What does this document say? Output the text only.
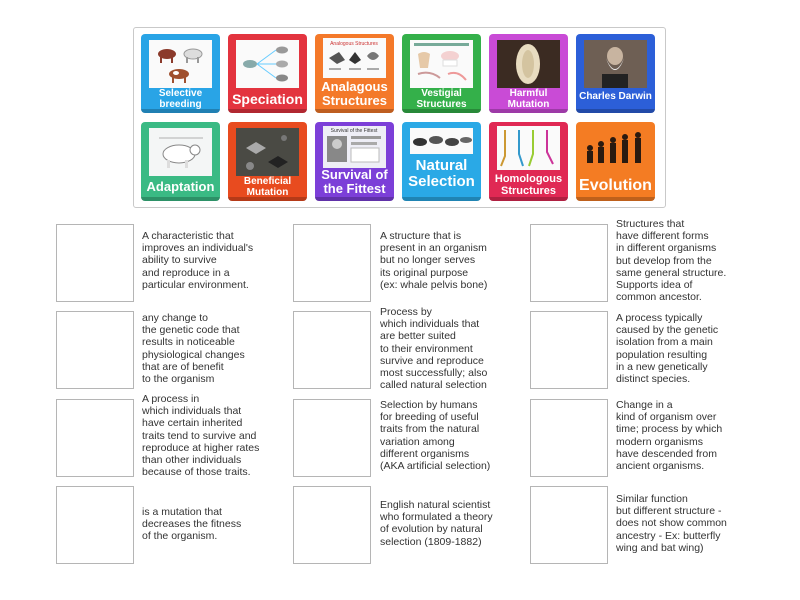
Selective
breeding	Speciation
Analogous Structures
Analagous
Structures	Vestigial
Structures
Harmful
Mutation
Charles Darwin
Adaptation	Beneficial
Mutation
Survival of the Fittest
Survival of
the Fittest
Natural
Selection	Homologous
Structures	Evolution
A characteristic that
improves an individual's
ability to survive
and reproduce in a
particular environment.
A structure that is
present in an organism
but no longer serves
its original purpose
(ex: whale pelvis bone)
Structures that
have different forms
in different organisms
but develop from the
same general structure.
Supports idea of
common ancestor.
any change to
the genetic code that
results in noticeable
physiological changes
that are of benefit
to the organism
Process by
which individuals that
are better suited
to their environment
survive and reproduce
most successfully; also
called natural selection
A process typically
caused by the genetic
isolation from a main
population resulting
in a new genetically
distinct species.
A process in
which individuals that
have certain inherited
traits tend to survive and
reproduce at higher rates
than other individuals
because of those traits.
Selection by humans
for breeding of useful
traits from the natural
variation among
different organisms
(AKA artificial selection)
Change in a
kind of organism over
time; process by which
modern organisms
have descended from
ancient organisms.
is a mutation that
decreases the fitness
of the organism.
English natural scientist
who formulated a theory
of evolution by natural
selection (1809-1882)
Similar function
but different structure -
does not show common
ancestry - Ex: butterfly
wing and bat wing)
